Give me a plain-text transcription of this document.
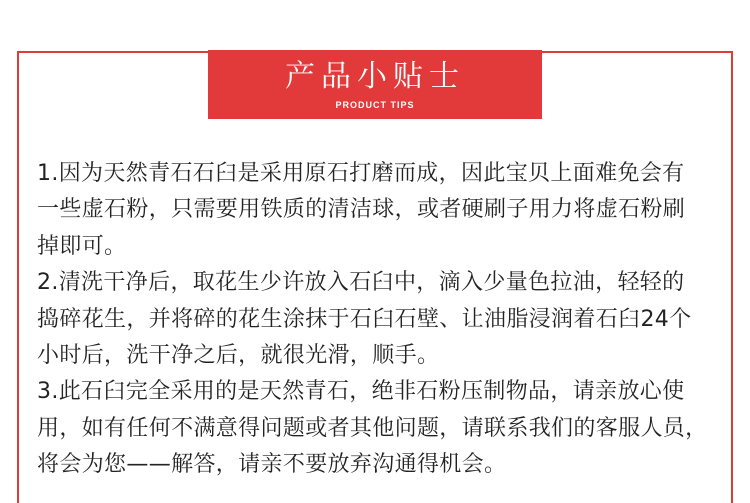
产品小贴士
PRODUCT TIPS
1.因为天然青石石臼是采用原石打磨而成，因此宝贝上面难免会有
一些虚石粉，只需要用铁质的清洁球，或者硬刷子用力将虚石粉刷
掉即可。
2.清洗干净后，取花生少许放入石臼中，滴入少量色拉油，轻轻的
捣碎花生，并将碎的花生涂抹于石臼石壁、让油脂浸润着石臼24个
小时后，洗干净之后，就很光滑，顺手。
3.此石臼完全采用的是天然青石，绝非石粉压制物品，请亲放心使
用，如有任何不满意得问题或者其他问题，请联系我们的客服人员，
将会为您——解答，请亲不要放弃沟通得机会。
